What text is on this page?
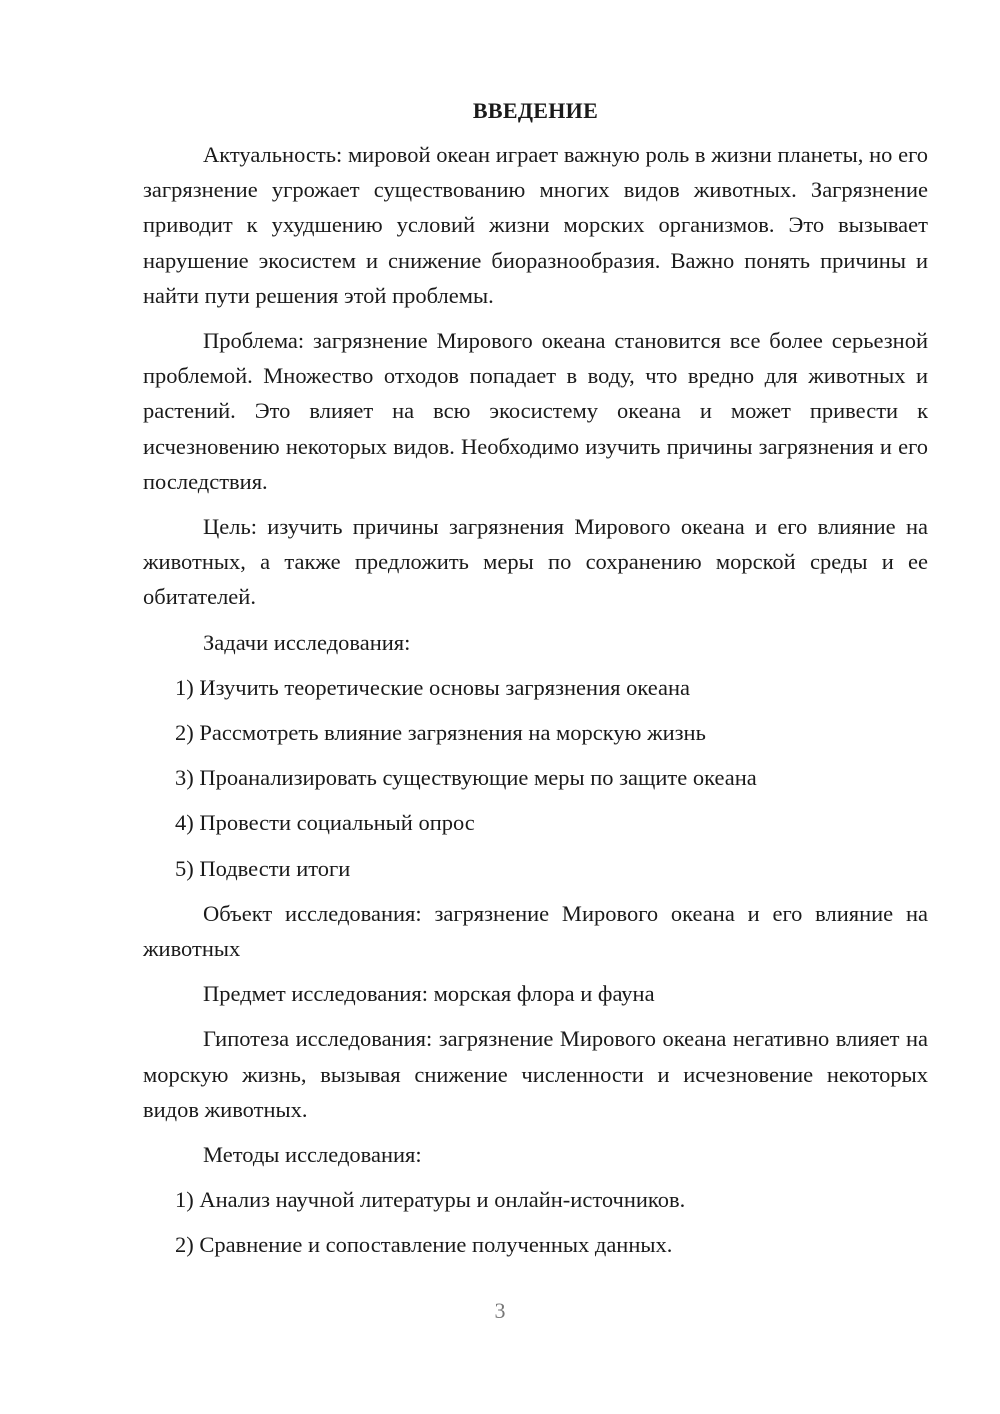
ВВЕДЕНИЕ

Актуальность: мировой океан играет важную роль в жизни планеты, но его загрязнение угрожает существованию многих видов животных. Загрязнение приводит к ухудшению условий жизни морских организмов. Это вызывает нарушение экосистем и снижение биоразнообразия. Важно понять причины и найти пути решения этой проблемы.

Проблема: загрязнение Мирового океана становится все более серьезной проблемой. Множество отходов попадает в воду, что вредно для животных и растений. Это влияет на всю экосистему океана и может привести к исчезновению некоторых видов. Необходимо изучить причины загрязнения и его последствия.

Цель: изучить причины загрязнения Мирового океана и его влияние на животных, а также предложить меры по сохранению морской среды и ее обитателей.

Задачи исследования:

1) Изучить теоретические основы загрязнения океана
2) Рассмотреть влияние загрязнения на морскую жизнь
3) Проанализировать существующие меры по защите океана
4) Провести социальный опрос
5) Подвести итоги

Объект исследования: загрязнение Мирового океана и его влияние на животных

Предмет исследования: морская флора и фауна

Гипотеза исследования: загрязнение Мирового океана негативно влияет на морскую жизнь, вызывая снижение численности и исчезновение некоторых видов животных.

Методы исследования:

1) Анализ научной литературы и онлайн-источников.
2) Сравнение и сопоставление полученных данных.
3
